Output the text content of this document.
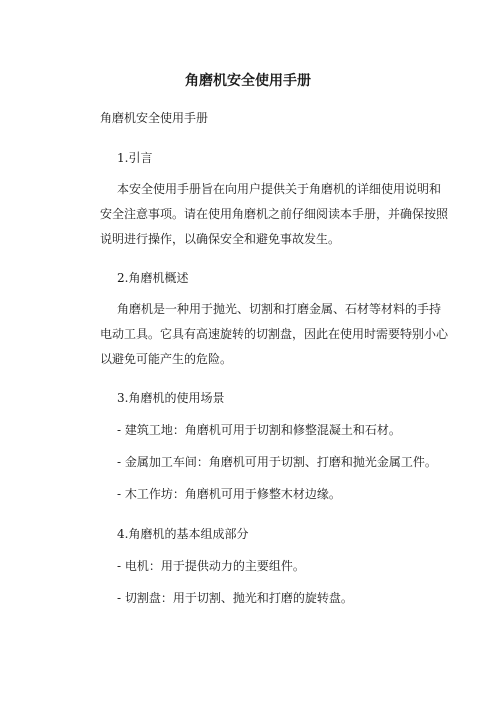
角磨机安全使用手册
角磨机安全使用手册
1.引言
本安全使用手册旨在向用户提供关于角磨机的详细使用说明和
安全注意事项。请在使用角磨机之前仔细阅读本手册，并确保按照
说明进行操作，以确保安全和避免事故发生。
2.角磨机概述
角磨机是一种用于抛光、切割和打磨金属、石材等材料的手持
电动工具。它具有高速旋转的切割盘，因此在使用时需要特别小心
以避免可能产生的危险。
3.角磨机的使用场景
- 建筑工地：角磨机可用于切割和修整混凝土和石材。
- 金属加工车间：角磨机可用于切割、打磨和抛光金属工件。
- 木工作坊：角磨机可用于修整木材边缘。
4.角磨机的基本组成部分
- 电机：用于提供动力的主要组件。
- 切割盘：用于切割、抛光和打磨的旋转盘。
